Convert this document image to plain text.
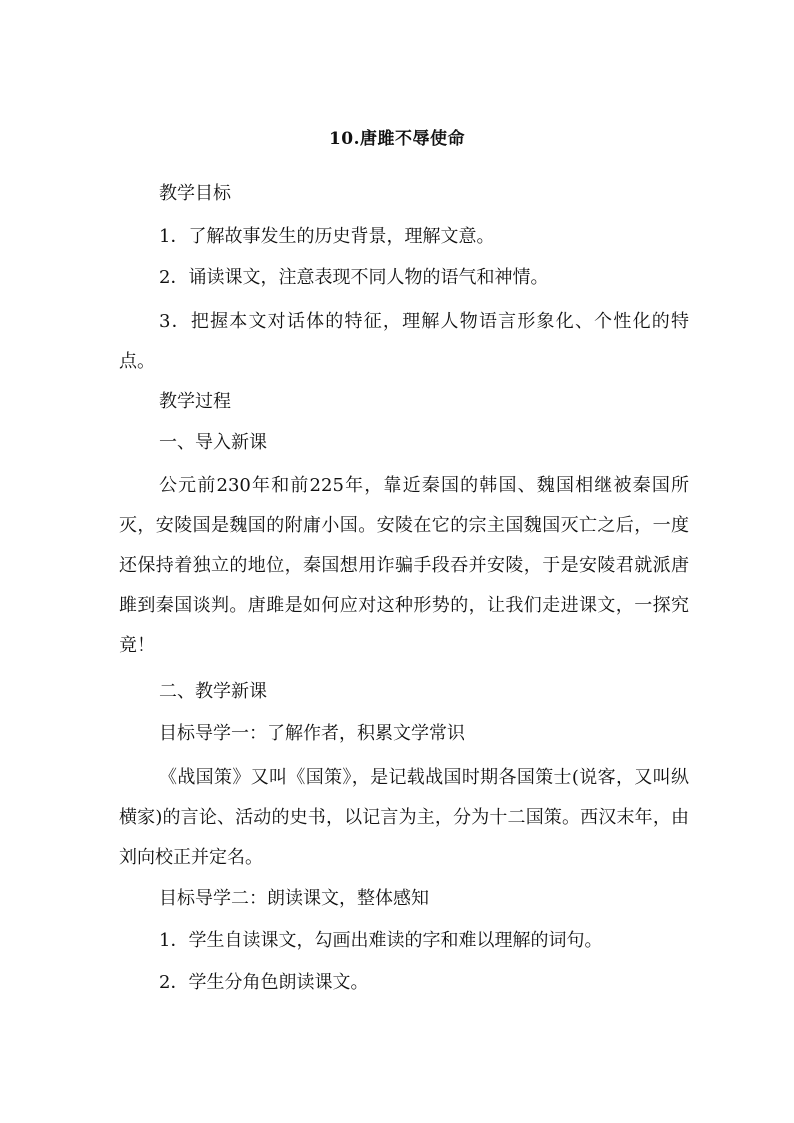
10.唐雎不辱使命
教学目标
1．了解故事发生的历史背景，理解文意。
2．诵读课文，注意表现不同人物的语气和神情。
3．把握本文对话体的特征，理解人物语言形象化、个性化的特点。
教学过程
一、导入新课
公元前230年和前225年，靠近秦国的韩国、魏国相继被秦国所灭，安陵国是魏国的附庸小国。安陵在它的宗主国魏国灭亡之后，一度还保持着独立的地位，秦国想用诈骗手段吞并安陵，于是安陵君就派唐雎到秦国谈判。唐雎是如何应对这种形势的，让我们走进课文，一探究竟！
二、教学新课
目标导学一：了解作者，积累文学常识
《战国策》又叫《国策》，是记载战国时期各国策士(说客，又叫纵横家)的言论、活动的史书，以记言为主，分为十二国策。西汉末年，由刘向校正并定名。
目标导学二：朗读课文，整体感知
1．学生自读课文，勾画出难读的字和难以理解的词句。
2．学生分角色朗读课文。
